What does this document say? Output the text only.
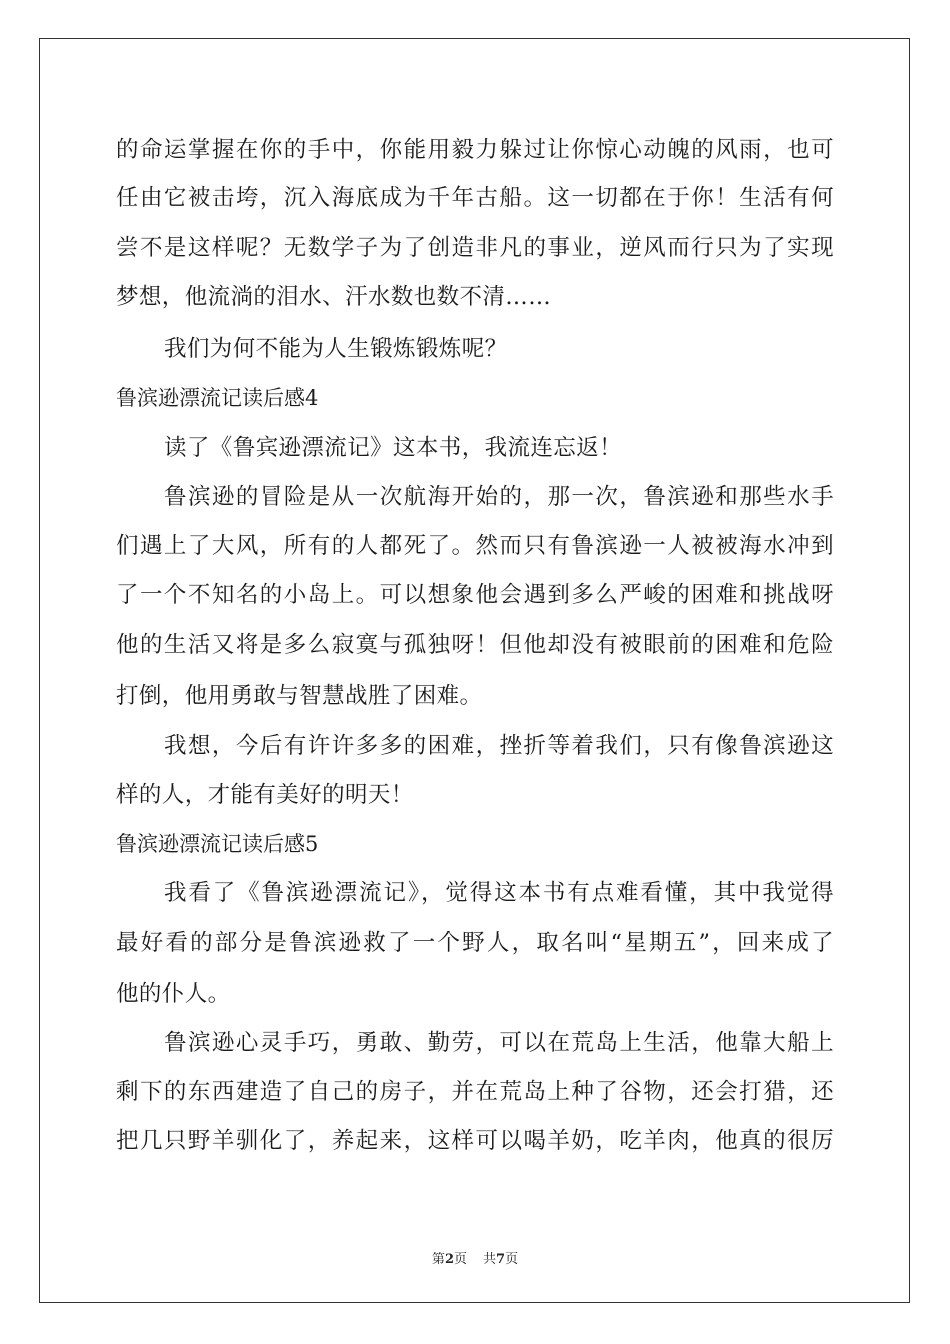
的命运掌握在你的手中，你能用毅力躲过让你惊心动魄的风雨，也可
任由它被击垮，沉入海底成为千年古船。这一切都在于你！生活有何
尝不是这样呢？无数学子为了创造非凡的事业，逆风而行只为了实现
梦想，他流淌的泪水、汗水数也数不清……
我们为何不能为人生锻炼锻炼呢？
鲁滨逊漂流记读后感4
读了《鲁宾逊漂流记》这本书，我流连忘返！
鲁滨逊的冒险是从一次航海开始的，那一次，鲁滨逊和那些水手
们遇上了大风，所有的人都死了。然而只有鲁滨逊一人被被海水冲到
了一个不知名的小岛上。可以想象他会遇到多么严峻的困难和挑战呀
他的生活又将是多么寂寞与孤独呀！但他却没有被眼前的困难和危险
打倒，他用勇敢与智慧战胜了困难。
我想，今后有许许多多的困难，挫折等着我们，只有像鲁滨逊这
样的人，才能有美好的明天！
鲁滨逊漂流记读后感5
我看了《鲁滨逊漂流记》，觉得这本书有点难看懂，其中我觉得
最好看的部分是鲁滨逊救了一个野人，取名叫“星期五”，回来成了
他的仆人。
鲁滨逊心灵手巧，勇敢、勤劳，可以在荒岛上生活，他靠大船上
剩下的东西建造了自己的房子，并在荒岛上种了谷物，还会打猎，还
把几只野羊驯化了，养起来，这样可以喝羊奶，吃羊肉，他真的很厉
第2页 共7页
